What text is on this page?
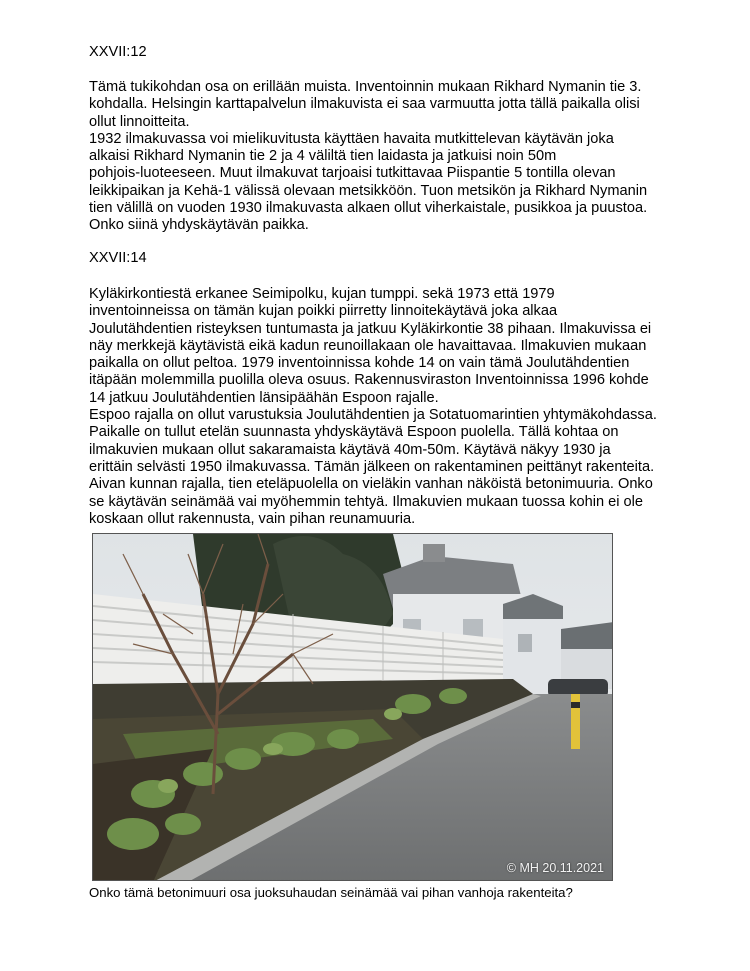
XXVII:12

Tämä tukikohdan osa on erillään muista. Inventoinnin mukaan Rikhard Nymanin tie 3.
kohdalla. Helsingin karttapalvelun ilmakuvista ei saa varmuutta jotta tällä paikalla olisi
ollut linnoitteita.
1932 ilmakuvassa voi mielikuvitusta käyttäen havaita mutkittelevan käytävän joka
alkaisi Rikhard Nymanin tie 2 ja 4 väliltä tien laidasta ja jatkuisi noin 50m
pohjois-luoteeseen. Muut ilmakuvat tarjoaisi tutkittavaa Piispantie 5 tontilla olevan
leikkipaikan ja Kehä-1 välissä olevaan metsikköön. Tuon metsikön ja Rikhard Nymanin
tien välillä on vuoden 1930 ilmakuvasta alkaen ollut viherkaistale, pusikkoa ja puustoa.
Onko siinä yhdyskäytävän paikka.

XXVII:14

Kyläkirkontiestä erkanee Seimipolku, kujan tumppi. sekä 1973 että 1979
inventoinneissa on tämän kujan poikki piirretty linnoitekäytävä joka alkaa
Joulutähdentien risteyksen tuntumasta ja jatkuu Kyläkirkontie 38 pihaan. Ilmakuvissa ei
näy merkkejä käytävistä eikä kadun reunoillakaan ole havaittavaa. Ilmakuvien mukaan
paikalla on ollut peltoa. 1979 inventoinnissa kohde 14 on vain tämä Joulutähdentien
itäpään molemmilla puolilla oleva osuus. Rakennusviraston Inventoinnissa 1996 kohde
14 jatkuu Joulutähdentien länsipäähän Espoon rajalle.
Espoo rajalla on ollut varustuksia Joulutähdentien ja Sotatuomarintien yhtymäkohdassa.
Paikalle on tullut etelän suunnasta yhdyskäytävä Espoon puolella. Tällä kohtaa on
ilmakuvien mukaan ollut sakaramaista käytävä 40m-50m. Käytävä näkyy 1930 ja
erittäin selvästi 1950 ilmakuvassa. Tämän jälkeen on rakentaminen peittänyt rakenteita.
Aivan kunnan rajalla, tien eteläpuolella on vieläkin vanhan näköistä betonimuuria. Onko
se käytävän seinämää vai myöhemmin tehtyä. Ilmakuvien mukaan tuossa kohin ei ole
koskaan ollut rakennusta, vain pihan reunamuuria.

© MH 20.11.2021
Onko tämä betonimuuri osa juoksuhaudan seinämää vai pihan vanhoja rakenteita?
